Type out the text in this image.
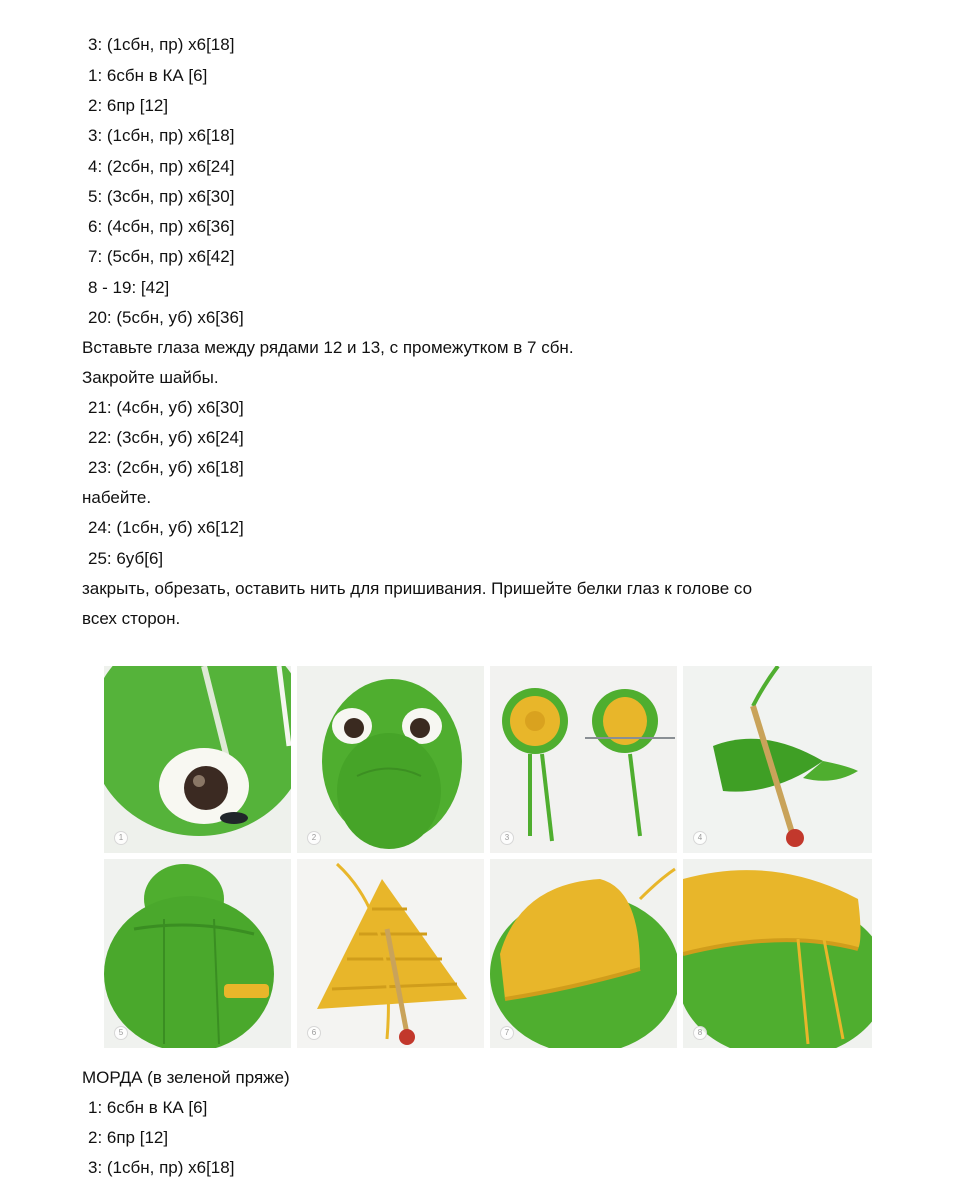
3: (1сбн, пр) х6[18]
1: 6сбн в КА [6]
2: 6пр [12]
3: (1сбн, пр) х6[18]
4: (2сбн, пр) х6[24]
5: (3сбн, пр) х6[30]
6: (4сбн, пр) х6[36]
7: (5сбн, пр) х6[42]
8 - 19: [42]
20: (5сбн, уб) х6[36]
Вставьте глаза между рядами 12 и 13, с промежутком в 7 сбн.
Закройте шайбы.
21: (4сбн, уб) х6[30]
22: (3сбн, уб) х6[24]
23: (2сбн, уб) х6[18]
набейте.
24: (1сбн, уб) х6[12]
25: 6уб[6]
закрыть, обрезать, оставить нить для пришивания. Пришейте белки глаз к голове со
всех сторон.
1	2	3	4
5	6	7	8
МОРДА (в зеленой пряже)
1: 6сбн в КА [6]
2: 6пр [12]
3: (1сбн, пр) х6[18]
